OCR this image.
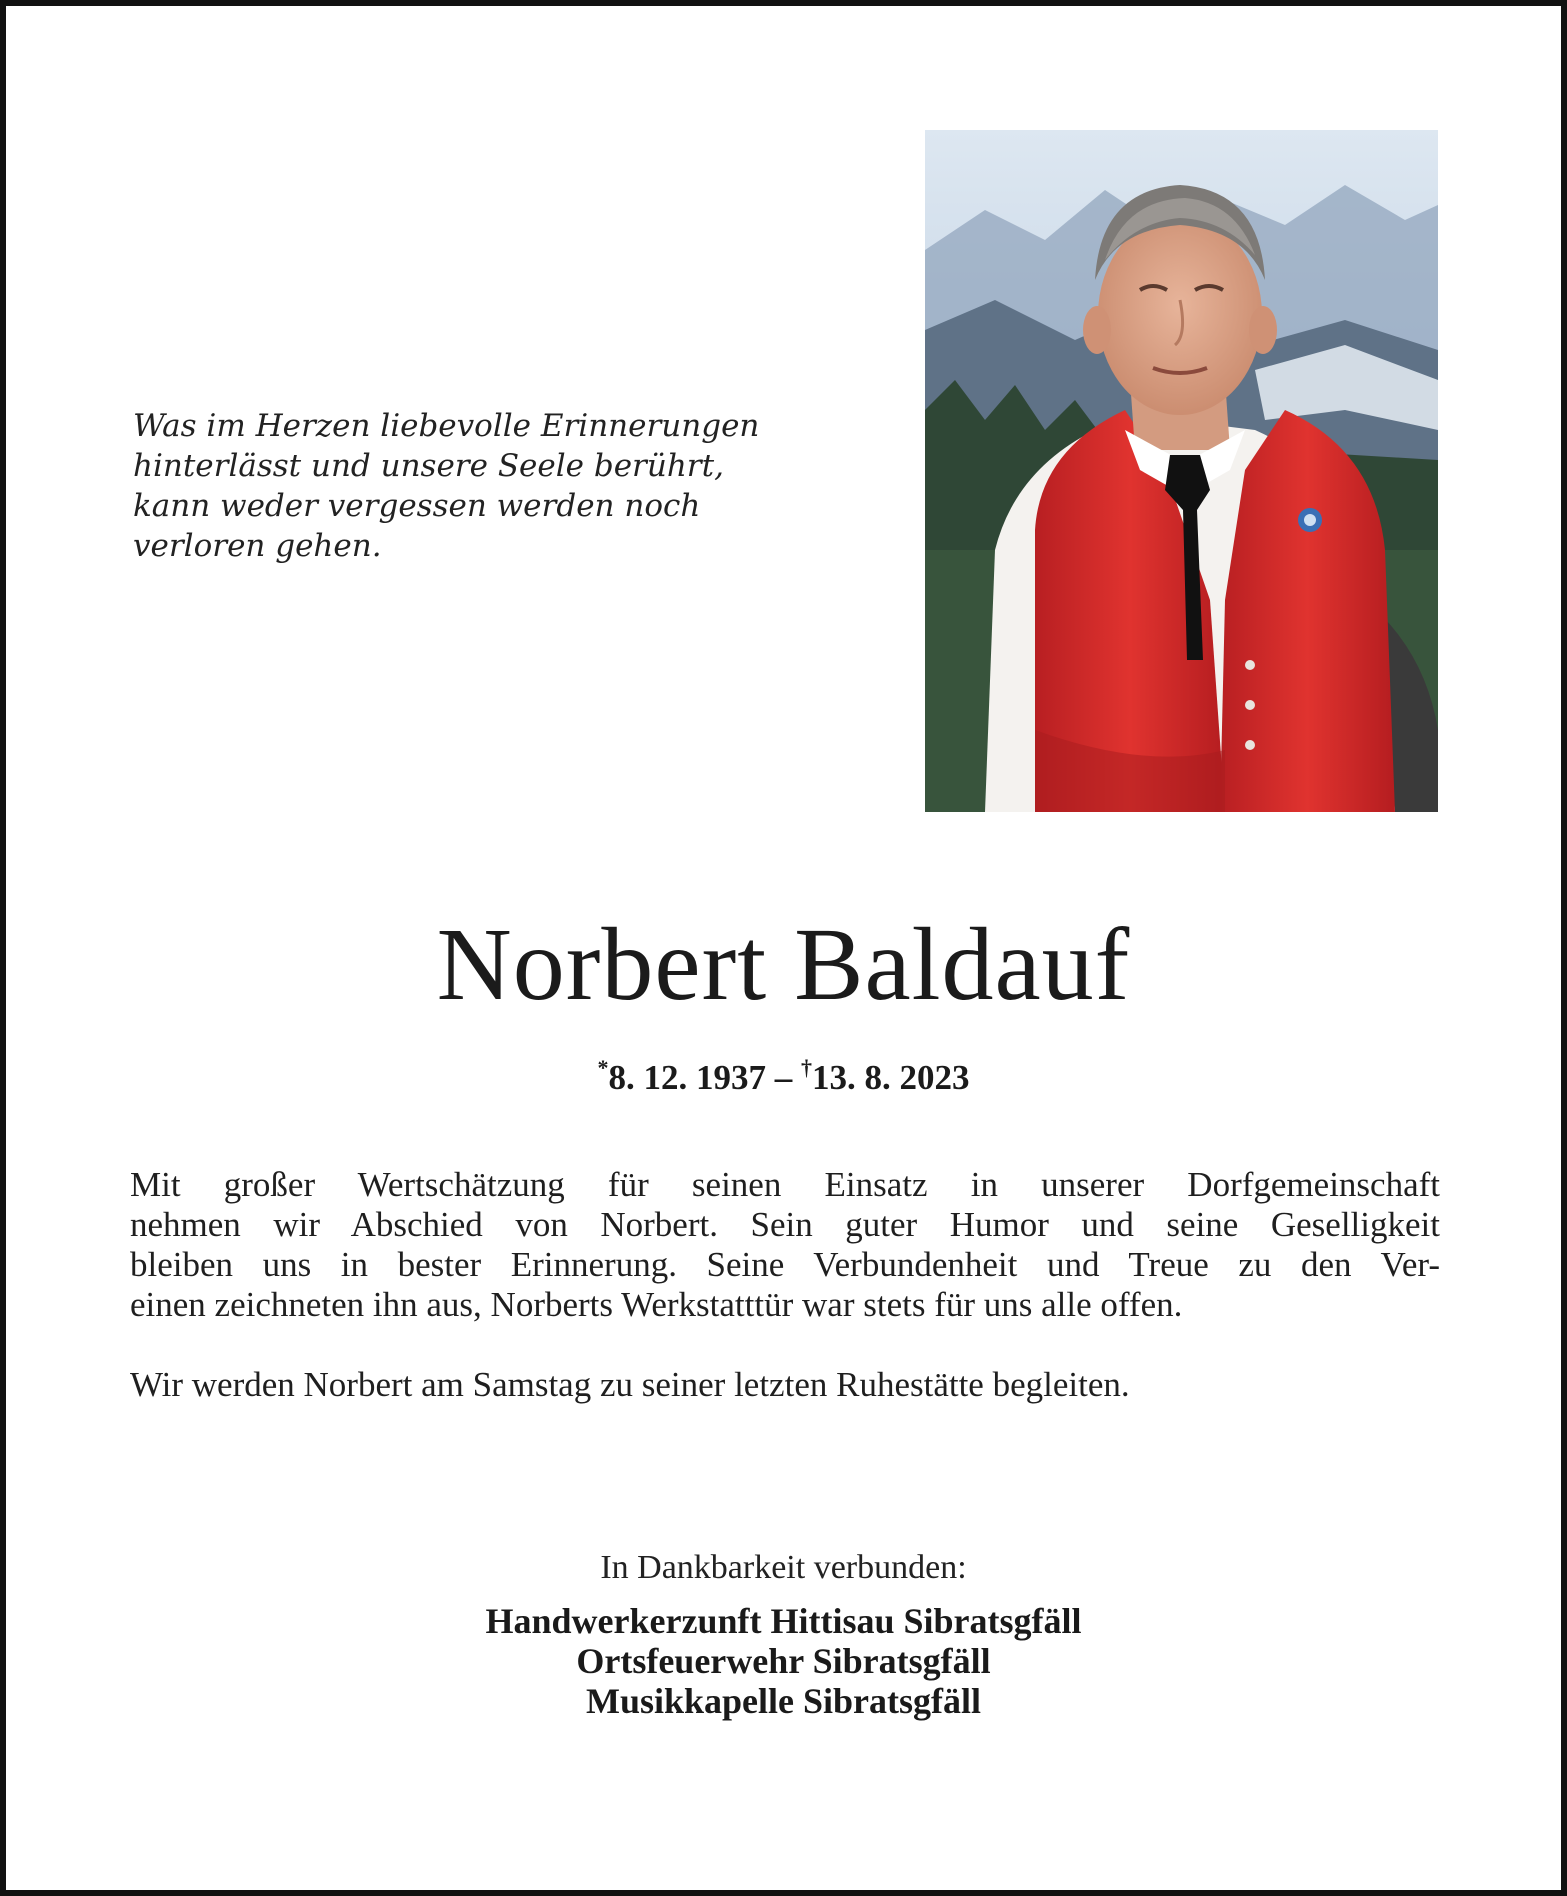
Was im Herzen liebevolle Erinnerungen
hinterlässt und unsere Seele berührt,
kann weder vergessen werden noch
verloren gehen.
Norbert Baldauf
*8. 12. 1937 – †13. 8. 2023
Mit großer Wertschätzung für seinen Einsatz in unserer Dorfgemeinschaft
nehmen wir Abschied von Norbert. Sein guter Humor und seine Geselligkeit
bleiben uns in bester Erinnerung. Seine Verbundenheit und Treue zu den Ver-
einen zeichneten ihn aus, Norberts Werkstatttür war stets für uns alle offen.
Wir werden Norbert am Samstag zu seiner letzten Ruhestätte begleiten.
In Dankbarkeit verbunden:
Handwerkerzunft Hittisau Sibratsgfäll
Ortsfeuerwehr Sibratsgfäll
Musikkapelle Sibratsgfäll
